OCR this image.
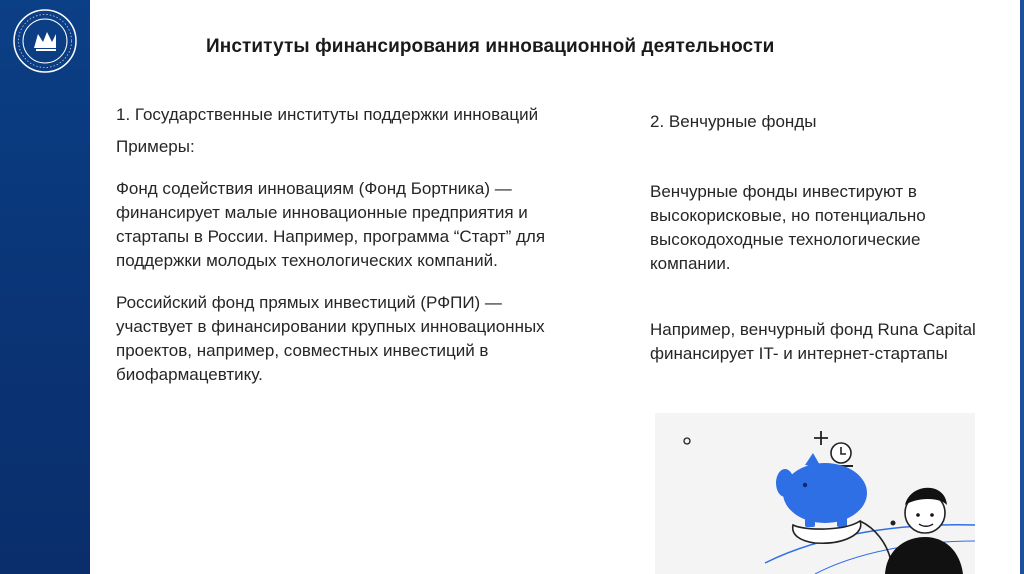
Институты финансирования инновационной деятельности
1. Государственные институты поддержки инноваций
Примеры:
Фонд содействия инновациям (Фонд Бортника) — финансирует малые инновационные предприятия и стартапы в России. Например, программа “Старт” для поддержки молодых технологических компаний.
Российский фонд прямых инвестиций (РФПИ) — участвует в финансировании крупных инновационных проектов, например, совместных инвестиций в биофармацевтику.
2. Венчурные фонды
Венчурные фонды инвестируют в высокорисковые, но потенциально высокодоходные технологические компании.
Например, венчурный фонд Runa Capital финансирует IT- и интернет-стартапы
